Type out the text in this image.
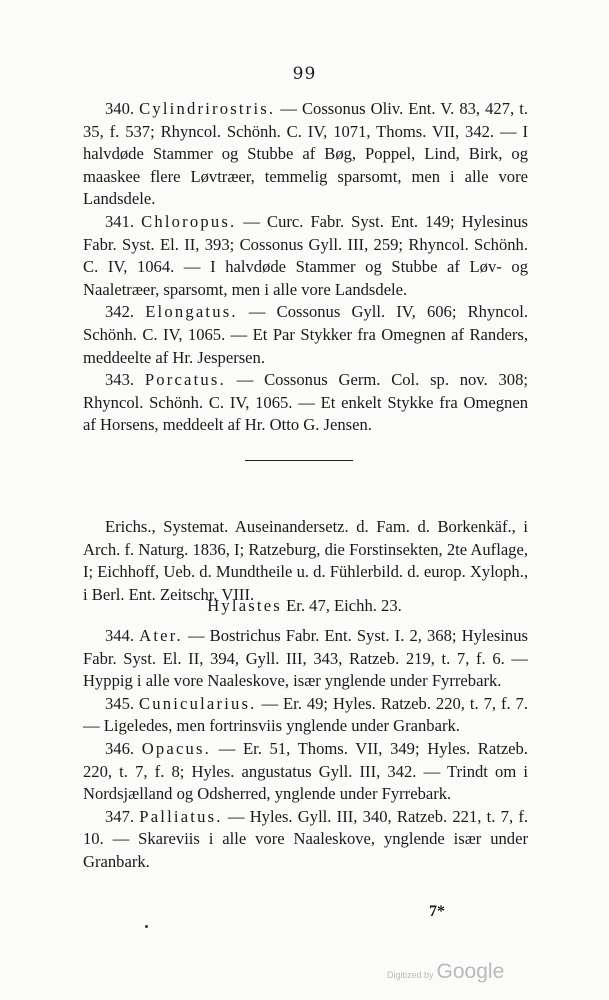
99

340. Cylindrirostris. — Cossonus Oliv. Ent. V. 83, 427, t. 35, f. 537; Rhyncol. Schönh. C. IV, 1071, Thoms. VII, 342. — I halvdøde Stammer og Stubbe af Bøg, Poppel, Lind, Birk, og maaskee flere Løvtræer, temmelig sparsomt, men i alle vore Landsdele.

341. Chloropus. — Curc. Fabr. Syst. Ent. 149; Hylesinus Fabr. Syst. El. II, 393; Cossonus Gyll. III, 259; Rhyncol. Schönh. C. IV, 1064. — I halvdøde Stammer og Stubbe af Løv- og Naaletræer, sparsomt, men i alle vore Landsdele.

342. Elongatus. — Cossonus Gyll. IV, 606; Rhyncol. Schönh. C. IV, 1065. — Et Par Stykker fra Omegnen af Randers, meddeelte af Hr. Jespersen.

343. Porcatus. — Cossonus Germ. Col. sp. nov. 308; Rhyncol. Schönh. C. IV, 1065. — Et enkelt Stykke fra Omegnen af Horsens, meddeelt af Hr. Otto G. Jensen.

Erichs., Systemat. Auseinandersetz. d. Fam. d. Borkenkäf., i Arch. f. Naturg. 1836, I; Ratzeburg, die Forstinsekten, 2te Auflage, I; Eichhoff, Ueb. d. Mundtheile u. d. Fühlerbild. d. europ. Xyloph., i Berl. Ent. Zeitschr. VIII.

Hylastes Er. 47, Eichh. 23.

344. Ater. — Bostrichus Fabr. Ent. Syst. I. 2, 368; Hylesinus Fabr. Syst. El. II, 394, Gyll. III, 343, Ratzeb. 219, t. 7, f. 6. — Hyppig i alle vore Naaleskove, især ynglende under Fyrrebark.

345. Cunicularius. — Er. 49; Hyles. Ratzeb. 220, t. 7, f. 7. — Ligeledes, men fortrinsviis ynglende under Granbark.

346. Opacus. — Er. 51, Thoms. VII, 349; Hyles. Ratzeb. 220, t. 7, f. 8; Hyles. angustatus Gyll. III, 342. — Trindt om i Nordsjælland og Odsherred, ynglende under Fyrrebark.

347. Palliatus. — Hyles. Gyll. III, 340, Ratzeb. 221, t. 7, f. 10. — Skareviis i alle vore Naaleskove, ynglende især under Granbark.

7*
Digitized by Google
